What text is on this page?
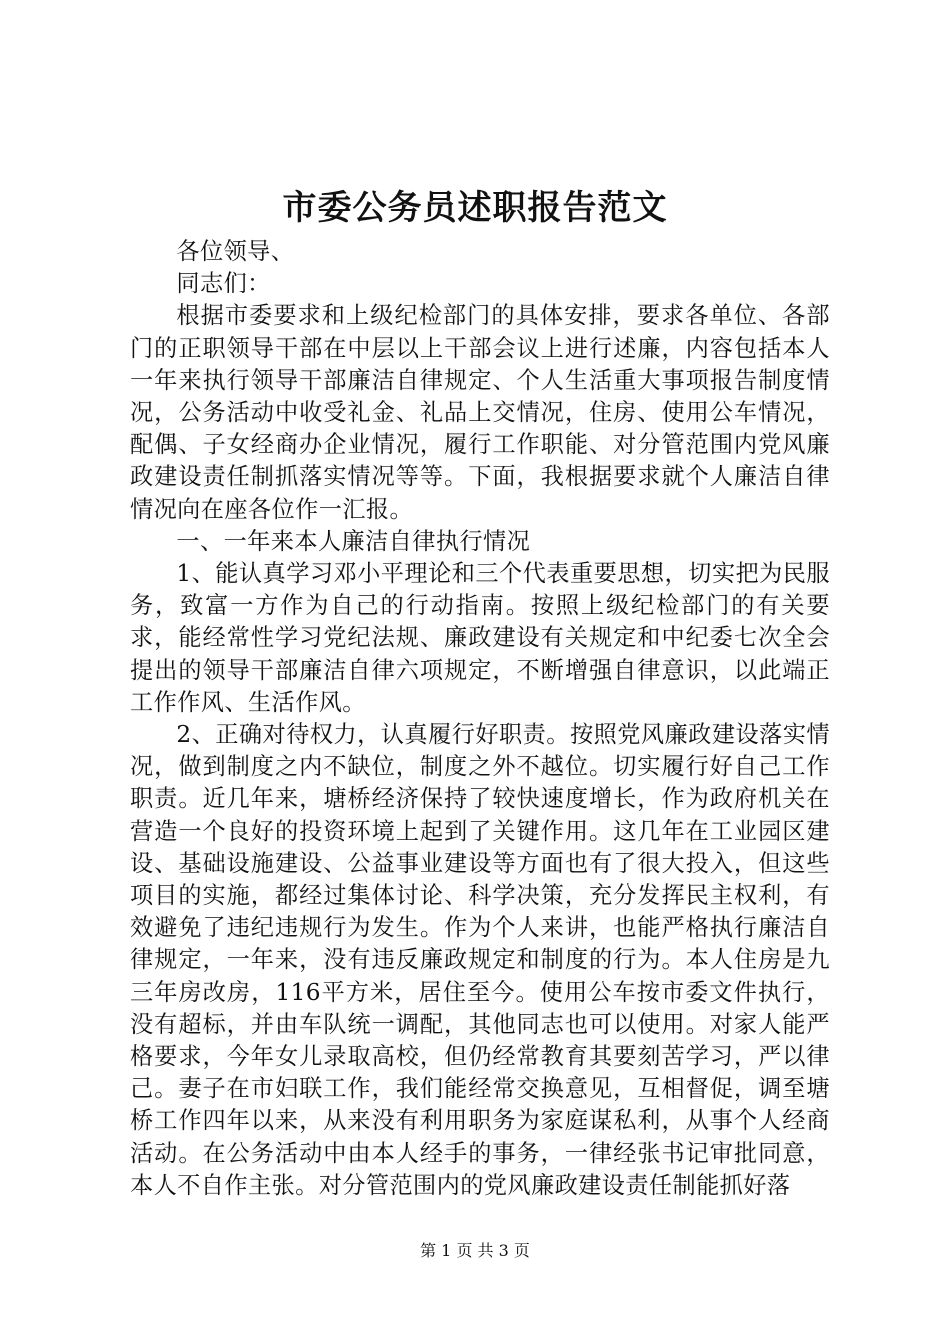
市委公务员述职报告范文

各位领导、

同志们：

根据市委要求和上级纪检部门的具体安排，要求各单位、各部门的正职领导干部在中层以上干部会议上进行述廉，内容包括本人一年来执行领导干部廉洁自律规定、个人生活重大事项报告制度情况，公务活动中收受礼金、礼品上交情况，住房、使用公车情况，配偶、子女经商办企业情况，履行工作职能、对分管范围内党风廉政建设责任制抓落实情况等等。下面，我根据要求就个人廉洁自律情况向在座各位作一汇报。

一、一年来本人廉洁自律执行情况

1、能认真学习邓小平理论和三个代表重要思想，切实把为民服务，致富一方作为自己的行动指南。按照上级纪检部门的有关要求，能经常性学习党纪法规、廉政建设有关规定和中纪委七次全会提出的领导干部廉洁自律六项规定，不断增强自律意识，以此端正工作作风、生活作风。

2、正确对待权力，认真履行好职责。按照党风廉政建设落实情况，做到制度之内不缺位，制度之外不越位。切实履行好自己工作职责。近几年来，塘桥经济保持了较快速度增长，作为政府机关在营造一个良好的投资环境上起到了关键作用。这几年在工业园区建设、基础设施建设、公益事业建设等方面也有了很大投入，但这些项目的实施，都经过集体讨论、科学决策，充分发挥民主权利，有效避免了违纪违规行为发生。作为个人来讲，也能严格执行廉洁自律规定，一年来，没有违反廉政规定和制度的行为。本人住房是九三年房改房，116平方米，居住至今。使用公车按市委文件执行，没有超标，并由车队统一调配，其他同志也可以使用。对家人能严格要求，今年女儿录取高校，但仍经常教育其要刻苦学习，严以律己。妻子在市妇联工作，我们能经常交换意见，互相督促，调至塘桥工作四年以来，从来没有利用职务为家庭谋私利，从事个人经商活动。在公务活动中由本人经手的事务，一律经张书记审批同意，本人不自作主张。对分管范围内的党风廉政建设责任制能抓好落

第 1 页 共 3 页
